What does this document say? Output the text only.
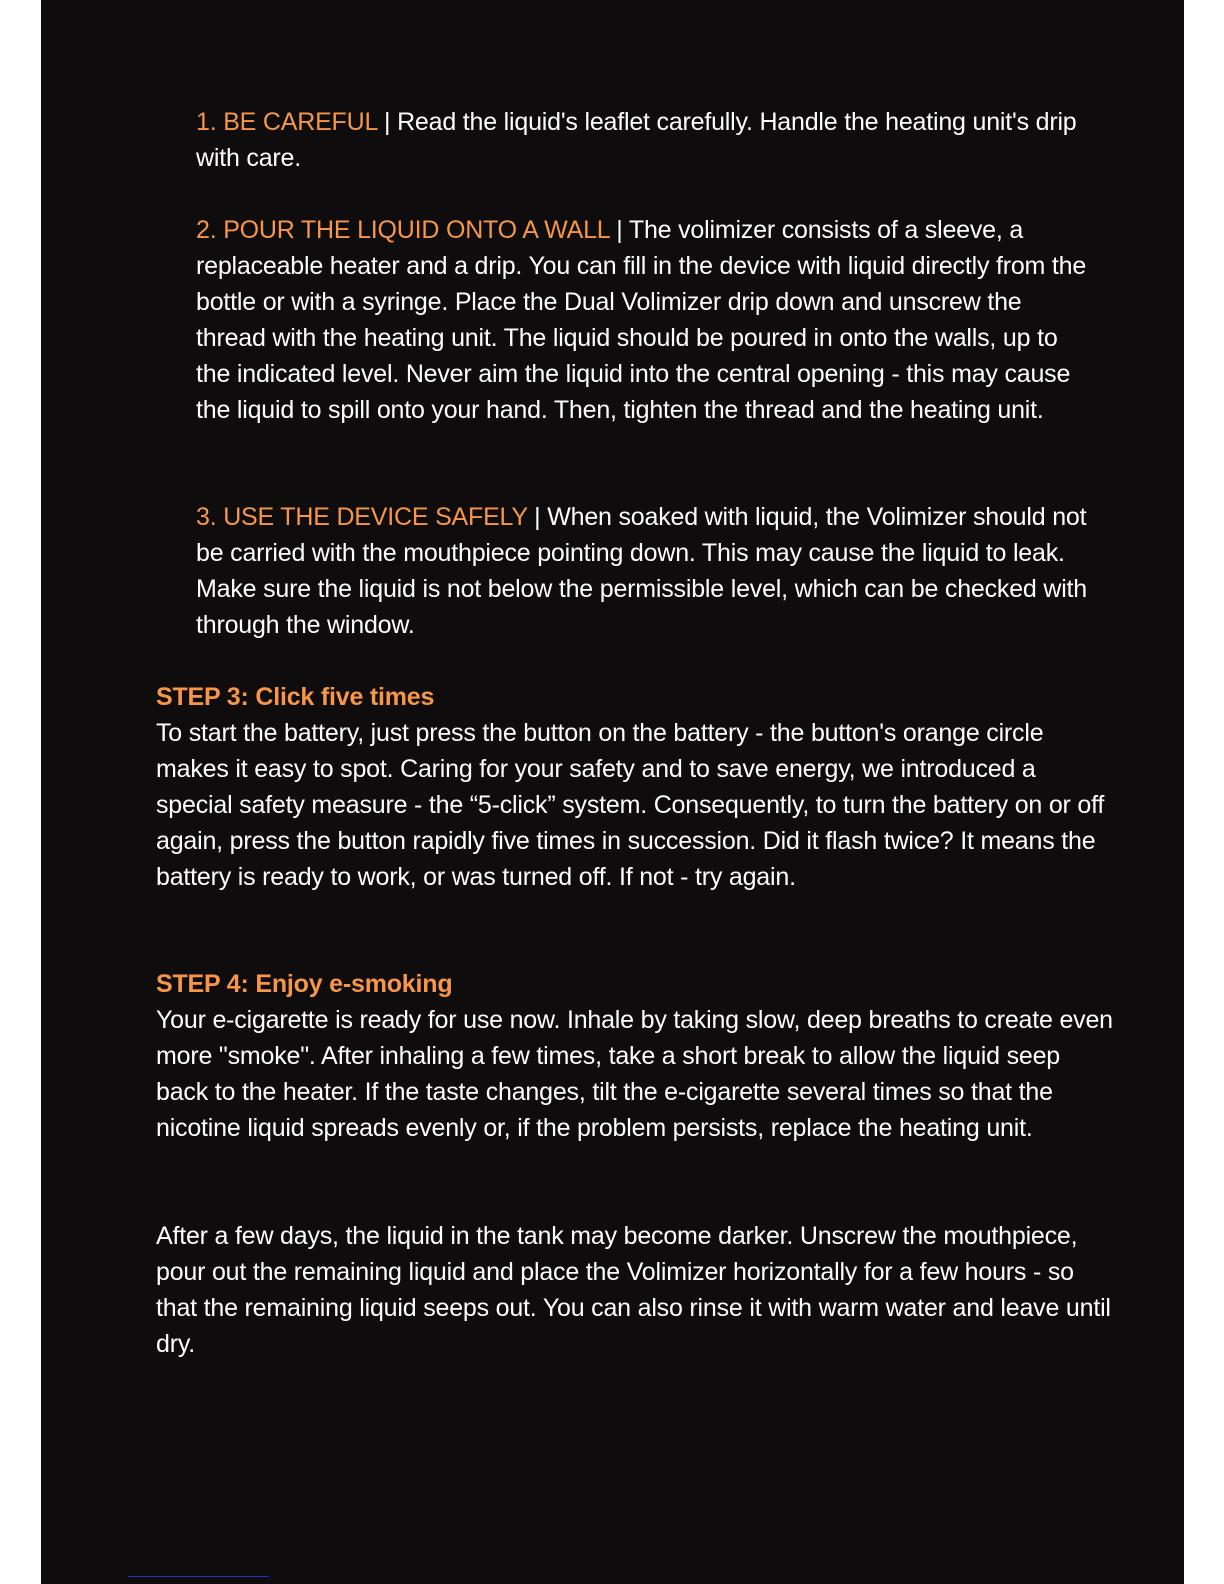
1. BE CAREFUL | Read the liquid's leaflet carefully. Handle the heating unit's drip with care.

2. POUR THE LIQUID ONTO A WALL | The volimizer consists of a sleeve, a replaceable heater and a drip. You can fill in the device with liquid directly from the bottle or with a syringe. Place the Dual Volimizer drip down and unscrew the thread with the heating unit. The liquid should be poured in onto the walls, up to the indicated level. Never aim the liquid into the central opening - this may cause the liquid to spill onto your hand. Then, tighten the thread and the heating unit.

3. USE THE DEVICE SAFELY | When soaked with liquid, the Volimizer should not be carried with the mouthpiece pointing down. This may cause the liquid to leak. Make sure the liquid is not below the permissible level, which can be checked with through the window.

STEP 3: Click five times
To start the battery, just press the button on the battery - the button's orange circle makes it easy to spot. Caring for your safety and to save energy, we introduced a special safety measure - the “5-click” system. Consequently, to turn the battery on or off again, press the button rapidly five times in succession. Did it flash twice? It means the battery is ready to work, or was turned off. If not - try again.
STEP 4: Enjoy e-smoking
Your e-cigarette is ready for use now. Inhale by taking slow, deep breaths to create even more "smoke". After inhaling a few times, take a short break to allow the liquid seep back to the heater. If the taste changes, tilt the e-cigarette several times so that the nicotine liquid spreads evenly or, if the problem persists, replace the heating unit.
After a few days, the liquid in the tank may become darker. Unscrew the mouthpiece, pour out the remaining liquid and place the Volimizer horizontally for a few hours - so that the remaining liquid seeps out. You can also rinse it with warm water and leave until dry.
